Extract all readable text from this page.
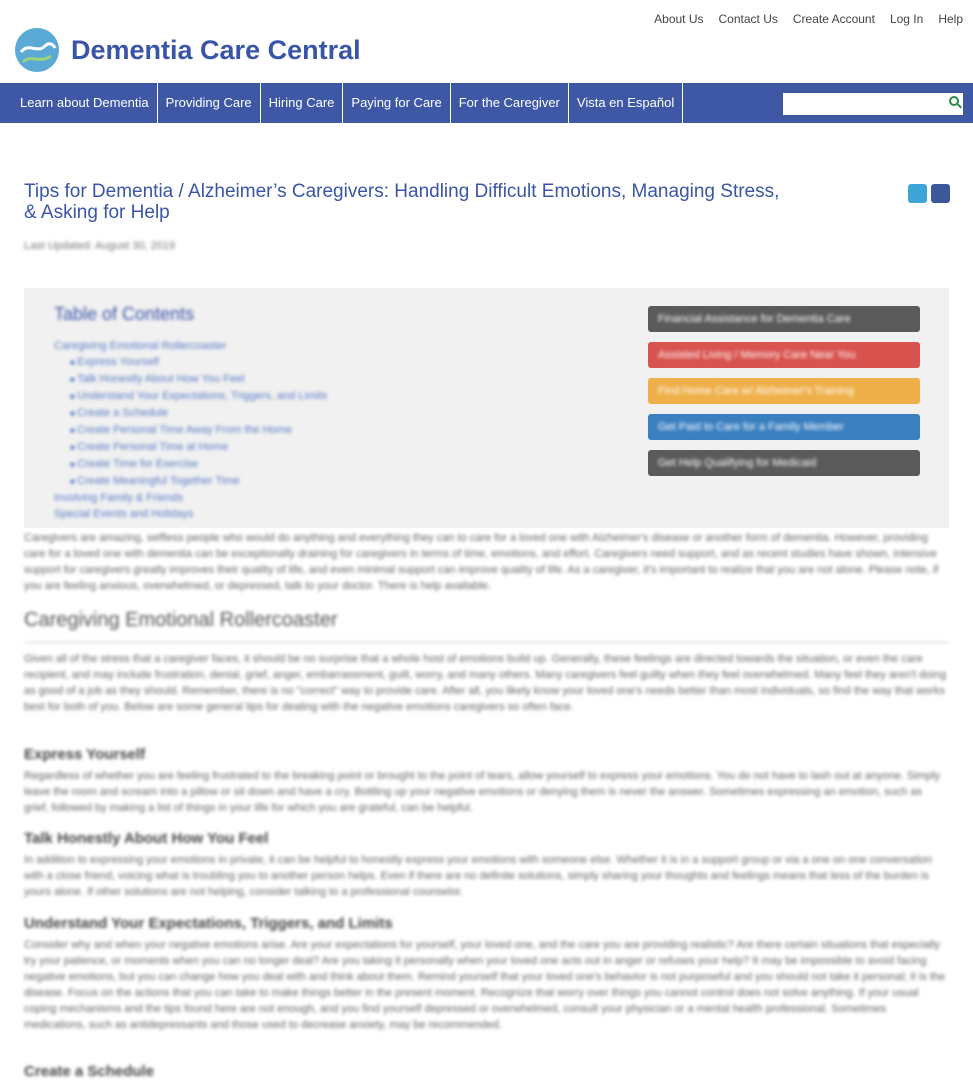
About Us Contact Us Create Account Log In Help
Dementia Care Central
Learn about Dementia	Providing Care	Hiring Care	Paying for Care	For the Caregiver	Vista en Español
Tips for Dementia / Alzheimer’s Caregivers: Handling Difficult Emotions, Managing Stress, & Asking for Help
Last Updated: August 30, 2019
Table of Contents
Caregiving Emotional Rollercoaster
■ Express Yourself
■ Talk Honestly About How You Feel
■ Understand Your Expectations, Triggers, and Limits
■ Create a Schedule
■ Create Personal Time Away From the Home
■ Create Personal Time at Home
■ Create Time for Exercise
■ Create Meaningful Together Time
Involving Family & Friends
Special Events and Holidays
Financial Assistance for Dementia Care
Assisted Living / Memory Care Near You
Find Home Care w/ Alzheimer's Training
Get Paid to Care for a Family Member
Get Help Qualifying for Medicaid

Caregivers are amazing, selfless people who would do anything and everything they can to care for a loved one with Alzheimer's disease or another form of dementia. However, providing care for a loved one with dementia can be exceptionally draining for caregivers in terms of time, emotions, and effort. Caregivers need support, and as recent studies have shown, intensive support for caregivers greatly improves their quality of life, and even minimal support can improve quality of life. As a caregiver, it's important to realize that you are not alone. Please note, if you are feeling anxious, overwhelmed, or depressed, talk to your doctor. There is help available.

Caregiving Emotional Rollercoaster

Given all of the stress that a caregiver faces, it should be no surprise that a whole host of emotions build up. Generally, these feelings are directed towards the situation, or even the care recipient, and may include frustration, denial, grief, anger, embarrassment, guilt, worry, and many others. Many caregivers feel guilty when they feel overwhelmed. Many feel they aren't doing as good of a job as they should. Remember, there is no "correct" way to provide care. After all, you likely know your loved one's needs better than most individuals, so find the way that works best for both of you. Below are some general tips for dealing with the negative emotions caregivers so often face.

Express Yourself

Regardless of whether you are feeling frustrated to the breaking point or brought to the point of tears, allow yourself to express your emotions. You do not have to lash out at anyone. Simply leave the room and scream into a pillow or sit down and have a cry. Bottling up your negative emotions or denying them is never the answer. Sometimes expressing an emotion, such as grief, followed by making a list of things in your life for which you are grateful, can be helpful.

Talk Honestly About How You Feel

In addition to expressing your emotions in private, it can be helpful to honestly express your emotions with someone else. Whether it is in a support group or via a one on one conversation with a close friend, voicing what is troubling you to another person helps. Even if there are no definite solutions, simply sharing your thoughts and feelings means that less of the burden is yours alone. If other solutions are not helping, consider talking to a professional counselor.

Understand Your Expectations, Triggers, and Limits

Consider why and when your negative emotions arise. Are your expectations for yourself, your loved one, and the care you are providing realistic? Are there certain situations that especially try your patience, or moments when you can no longer deal? Are you taking it personally when your loved one acts out in anger or refuses your help? It may be impossible to avoid facing negative emotions, but you can change how you deal with and think about them. Remind yourself that your loved one's behavior is not purposeful and you should not take it personal; it is the disease. Focus on the actions that you can take to make things better in the present moment. Recognize that worry over things you cannot control does not solve anything. If your usual coping mechanisms and the tips found here are not enough, and you find yourself depressed or overwhelmed, consult your physician or a mental health professional. Sometimes medications, such as antidepressants and those used to decrease anxiety, may be recommended.

Create a Schedule
